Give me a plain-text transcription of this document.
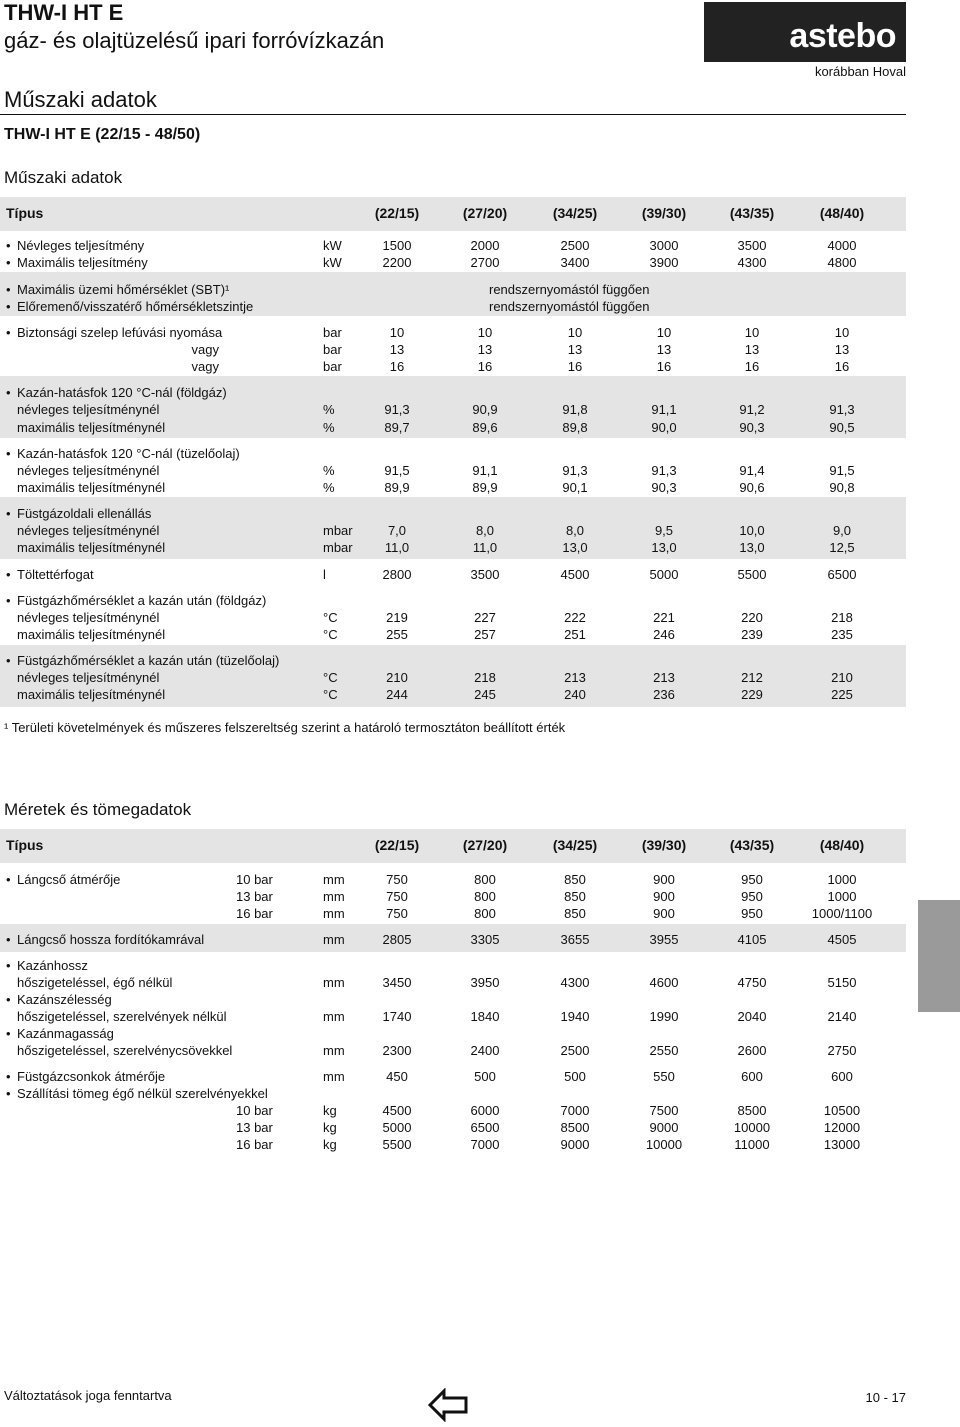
THW-I HT E
gáz- és olajtüzelésű ipari forróvízkazán	astebo
korábban Hoval
Műszaki adatok
THW-I HT E (22/15 - 48/50)
Műszaki adatok
¹ Területi követelmények és műszeres felszereltség szerint a határoló termosztáton beállított érték
Méretek és tömegadatok
Változtatások joga fenntartva	10 - 17
Típus	(22/15)	(27/20)	(34/25)	(39/30)	(43/35)	(48/40)
• Névleges teljesítmény	kW	1500	2000	2500	3000	3500	4000
• Maximális teljesítmény	kW	2200	2700	3400	3900	4300	4800
• Maximális üzemi hőmérséklet (SBT)¹	rendszernyomástól függően
• Előremenő/visszatérő hőmérsékletszintje	rendszernyomástól függően
• Biztonsági szelep lefúvási nyomása	bar	10	10	10	10	10	10
vagy	bar	13	13	13	13	13	13
vagy	bar	16	16	16	16	16	16
• Kazán-hatásfok 120 °C-nál (földgáz)
névleges teljesítménynél	%	91,3	90,9	91,8	91,1	91,2	91,3
maximális teljesítménynél	%	89,7	89,6	89,8	90,0	90,3	90,5
• Kazán-hatásfok 120 °C-nál (tüzelőolaj)
névleges teljesítménynél	%	91,5	91,1	91,3	91,3	91,4	91,5
maximális teljesítménynél	%	89,9	89,9	90,1	90,3	90,6	90,8
• Füstgázoldali ellenállás
névleges teljesítménynél	mbar	7,0	8,0	8,0	9,5	10,0	9,0
maximális teljesítménynél	mbar	11,0	11,0	13,0	13,0	13,0	12,5
• Töltettérfogat	l	2800	3500	4500	5000	5500	6500
• Füstgázhőmérséklet a kazán után (földgáz)
névleges teljesítménynél	°C	219	227	222	221	220	218
maximális teljesítménynél	°C	255	257	251	246	239	235
• Füstgázhőmérséklet a kazán után (tüzelőolaj)
névleges teljesítménynél	°C	210	218	213	213	212	210
maximális teljesítménynél	°C	244	245	240	236	229	225
Típus	(22/15)	(27/20)	(34/25)	(39/30)	(43/35)	(48/40)
• Lángcső átmérője	10 bar	mm	750	800	850	900	950	1000
13 bar	mm	750	800	850	900	950	1000
16 bar	mm	750	800	850	900	950	1000/1100
• Lángcső hossza fordítókamrával	mm	2805	3305	3655	3955	4105	4505
• Kazánhossz
hőszigeteléssel, égő nélkül	mm	3450	3950	4300	4600	4750	5150
• Kazánszélesség
hőszigeteléssel, szerelvények nélkül	mm	1740	1840	1940	1990	2040	2140
• Kazánmagasság
hőszigeteléssel, szerelvénycsövekkel	mm	2300	2400	2500	2550	2600	2750
• Füstgázcsonkok átmérője	mm	450	500	500	550	600	600
• Szállítási tömeg égő nélkül szerelvényekkel
10 bar	kg	4500	6000	7000	7500	8500	10500
13 bar	kg	5000	6500	8500	9000	10000	12000
16 bar	kg	5500	7000	9000	10000	11000	13000
